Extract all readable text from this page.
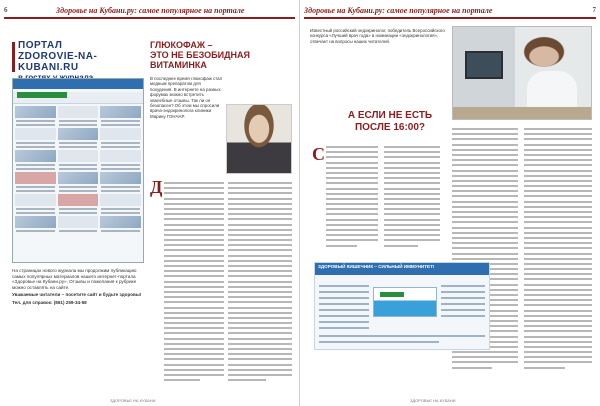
6	Здоровье на Кубани.ру: самое популярное на портале
ПОРТАЛ
ZDOROVIE-NA-KUBANI.RU

На страницах нового журнала мы продолжим публикацию самых популярных материалов нашего интернет-портала «Здоровье на Кубани.ру». Отзывы и пожелания к рубрике можно оставлять на сайте.

Уважаемые читатели – посетите сайт и будьте здоровы!

Тел. для справок: (861) 259-34-58

ГЛЮКОФАЖ –
ЭТО НЕ БЕЗОБИДНАЯ
ВИТАМИНКА

В последнее время глюкофаж стал модным препаратом для похудения. В интернете на разных форумах можно встретить хвалебные отзывы. Так ли он безопасен? Об этом мы спросили врача-эндокринолога клиники Марину ГОНЧАР.

Д
ЗДОРОВЬЕ НА КУБАНИ
Здоровье на Кубани.ру: самое популярное на портале	7

Известный российский эндокринолог, победитель Всероссийского конкурса «Лучший врач года» в номинации «эндокринология», отвечает на вопросы наших читателей.

А ЕСЛИ НЕ ЕСТЬ
ПОСЛЕ 16:00?
С
ЗДОРОВЫЙ КИШЕЧНИК – СИЛЬНЫЙ ИММУНИТЕТ!
ЗДОРОВЬЕ НА КУБАНИ
